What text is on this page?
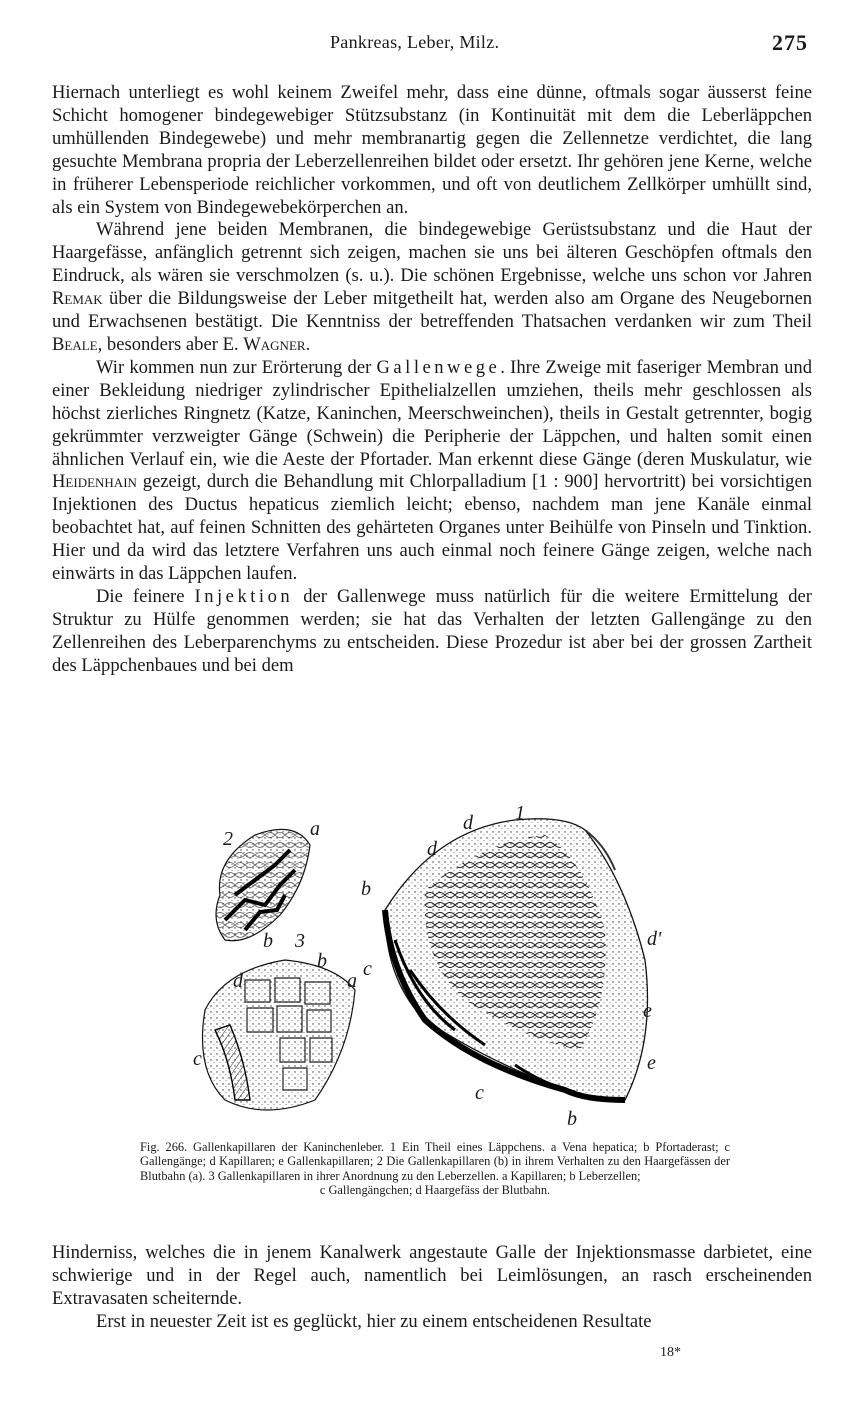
Pankreas, Leber, Milz.	275

Hiernach unterliegt es wohl keinem Zweifel mehr, dass eine dünne, oftmals sogar äusserst feine Schicht homogener bindegewebiger Stützsubstanz (in Kontinuität mit dem die Leberläppchen umhüllenden Bindegewebe) und mehr membranartig gegen die Zellennetze verdichtet, die lang gesuchte Membrana propria der Leberzellenreihen bildet oder ersetzt. Ihr gehören jene Kerne, welche in früherer Lebensperiode reichlicher vorkommen, und oft von deutlichem Zellkörper umhüllt sind, als ein System von Bindegewebekörperchen an.

Während jene beiden Membranen, die bindegewebige Gerüstsubstanz und die Haut der Haargefässe, anfänglich getrennt sich zeigen, machen sie uns bei älteren Geschöpfen oftmals den Eindruck, als wären sie verschmolzen (s. u.). Die schönen Ergebnisse, welche uns schon vor Jahren Remak über die Bildungsweise der Leber mitgetheilt hat, werden also am Organe des Neugebornen und Erwachsenen bestätigt. Die Kenntniss der betreffenden Thatsachen verdanken wir zum Theil Beale, besonders aber E. Wagner.

Wir kommen nun zur Erörterung der Gallenwege. Ihre Zweige mit faseriger Membran und einer Bekleidung niedriger zylindrischer Epithelialzellen umziehen, theils mehr geschlossen als höchst zierliches Ringnetz (Katze, Kaninchen, Meerschweinchen), theils in Gestalt getrennter, bogig gekrümmter verzweigter Gänge (Schwein) die Peripherie der Läppchen, und halten somit einen ähnlichen Verlauf ein, wie die Aeste der Pfortader. Man erkennt diese Gänge (deren Muskulatur, wie Heidenhain gezeigt, durch die Behandlung mit Chlorpalladium [1 : 900] hervortritt) bei vorsichtigen Injektionen des Ductus hepaticus ziemlich leicht; ebenso, nachdem man jene Kanäle einmal beobachtet hat, auf feinen Schnitten des gehärteten Organes unter Beihülfe von Pinseln und Tinktion. Hier und da wird das letztere Verfahren uns auch einmal noch feinere Gänge zeigen, welche nach einwärts in das Läppchen laufen.

Die feinere Injektion der Gallenwege muss natürlich für die weitere Ermittelung der Struktur zu Hülfe genommen werden; sie hat das Verhalten der letzten Gallengänge zu den Zellenreihen des Leberparenchyms zu entscheiden. Diese Prozedur ist aber bei der grossen Zartheit des Läppchenbaues und bei dem

2	a
b 3
b
d	a
c
d
d
1
b
c
d'
e
c
e
b
Fig. 266. Gallenkapillaren der Kaninchenleber. 1 Ein Theil eines Läppchens. a Vena hepatica; b Pfortaderast; c Gallengänge; d Kapillaren; e Gallenkapillaren; 2 Die Gallenkapillaren (b) in ihrem Verhalten zu den Haargefässen der Blutbahn (a). 3 Gallenkapillaren in ihrer Anordnung zu den Leberzellen. a Kapillaren; b Leberzellen;
c Gallengängchen; d Haargefäss der Blutbahn.

Hinderniss, welches die in jenem Kanalwerk angestaute Galle der Injektionsmasse darbietet, eine schwierige und in der Regel auch, namentlich bei Leimlösungen, an rasch erscheinenden Extravasaten scheiternde.

Erst in neuester Zeit ist es geglückt, hier zu einem entscheidenen Resultate

18*
